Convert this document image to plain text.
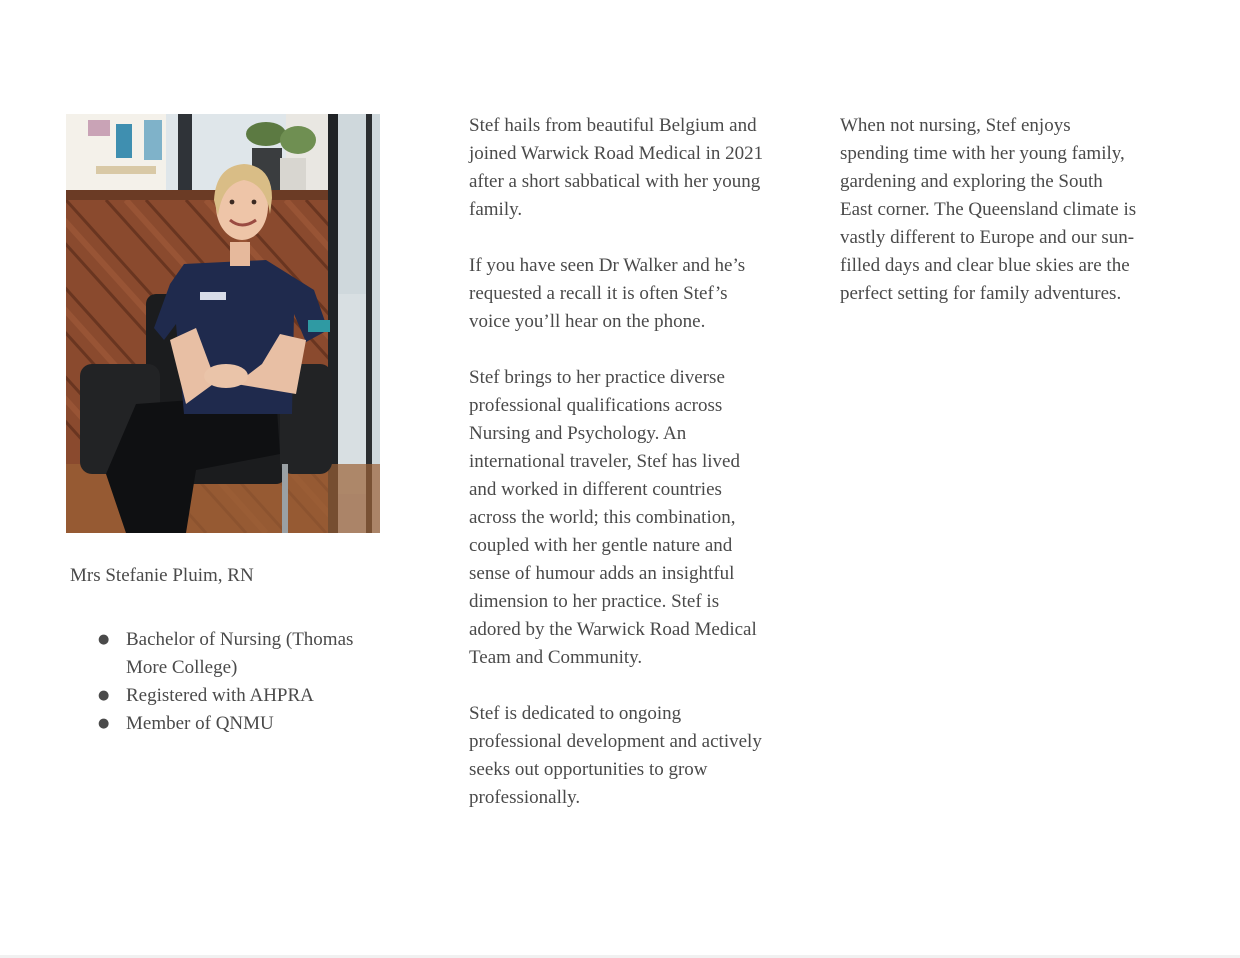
Mrs Stefanie Pluim, RN
● Bachelor of Nursing (Thomas More College)
● Registered with AHPRA
● Member of QNMU

Stef hails from beautiful Belgium and joined Warwick Road Medical in 2021 after a short sabbatical with her young family.

If you have seen Dr Walker and he’s requested a recall it is often Stef’s voice you’ll hear on the phone.

Stef brings to her practice diverse professional qualifications across Nursing and Psychology. An international traveler, Stef has lived and worked in different countries across the world; this combination, coupled with her gentle nature and sense of humour adds an insightful dimension to her practice. Stef is adored by the Warwick Road Medical Team and Community.

Stef is dedicated to ongoing professional development and actively seeks out opportunities to grow professionally.

When not nursing, Stef enjoys spending time with her young family, gardening and exploring the South East corner. The Queensland climate is vastly different to Europe and our sun-filled days and clear blue skies are the perfect setting for family adventures.
